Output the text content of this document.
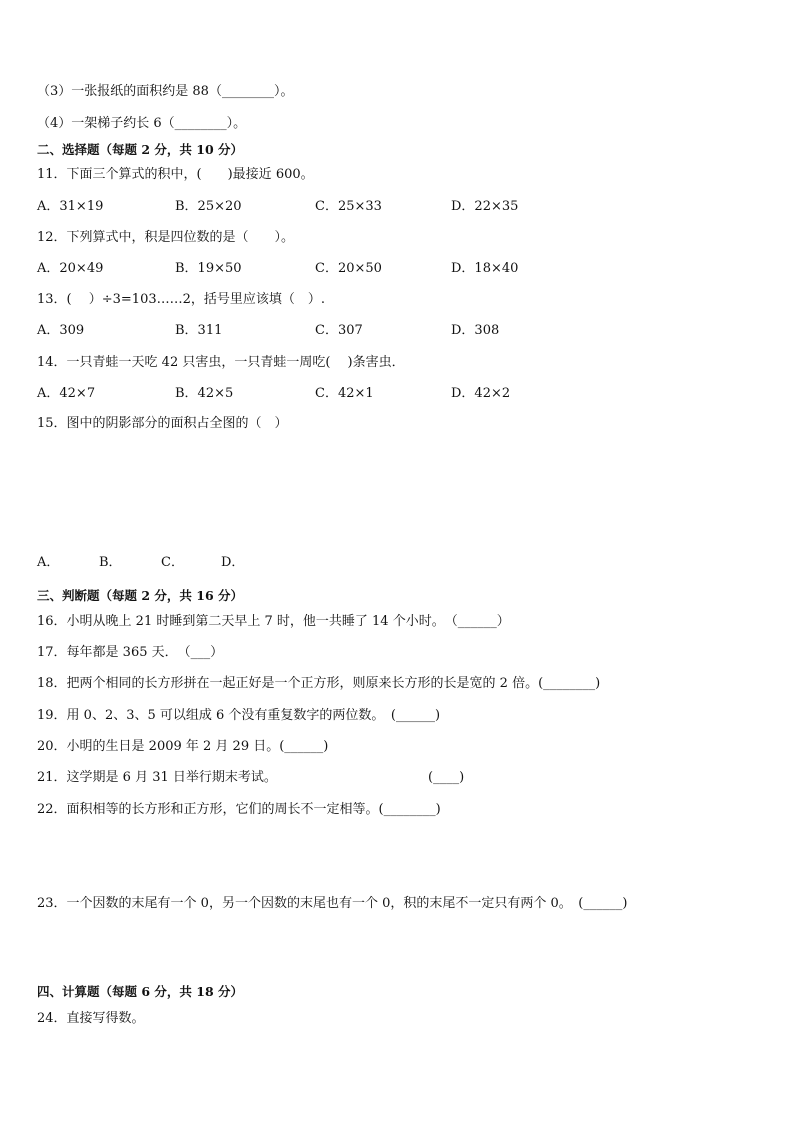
（3）一张报纸的面积约是 88（________）。
（4）一架梯子约长 6（________）。
二、选择题（每题 2 分，共 10 分）
11．下面三个算式的积中，(　　)最接近 600。
A．31×19	B．25×20	C．25×33	D．22×35
12．下列算式中，积是四位数的是（　　）。
A．20×49	B．19×50	C．20×50	D．18×40
13．(　 ）÷3=103……2，括号里应该填（　）.
A．309	B．311	C．307	D．308
14．一只青蛙一天吃 42 只害虫，一只青蛙一周吃(　 )条害虫．
A．42×7	B．42×5	C．42×1	D．42×2
15．图中的阴影部分的面积占全图的（　）
A．	B．	C．	D．
三、判断题（每题 2 分，共 16 分）
16．小明从晚上 21 时睡到第二天早上 7 时，他一共睡了 14 个小时。　（______）
17．每年都是 365 天．　（___）
18．把两个相同的长方形拼在一起正好是一个正方形，则原来长方形的长是宽的 2 倍。(________)
19．用 0、2、3、5 可以组成 6 个没有重复数字的两位数。　(______)
20．小明的生日是 2009 年 2 月 29 日。(______)
21．这学期是 6 月 31 日举行期末考试。	(____)
22．面积相等的长方形和正方形，它们的周长不一定相等。(________)
23．一个因数的末尾有一个 0，另一个因数的末尾也有一个 0，积的末尾不一定只有两个 0。　(______)
四、计算题（每题 6 分，共 18 分）
24．直接写得数。
